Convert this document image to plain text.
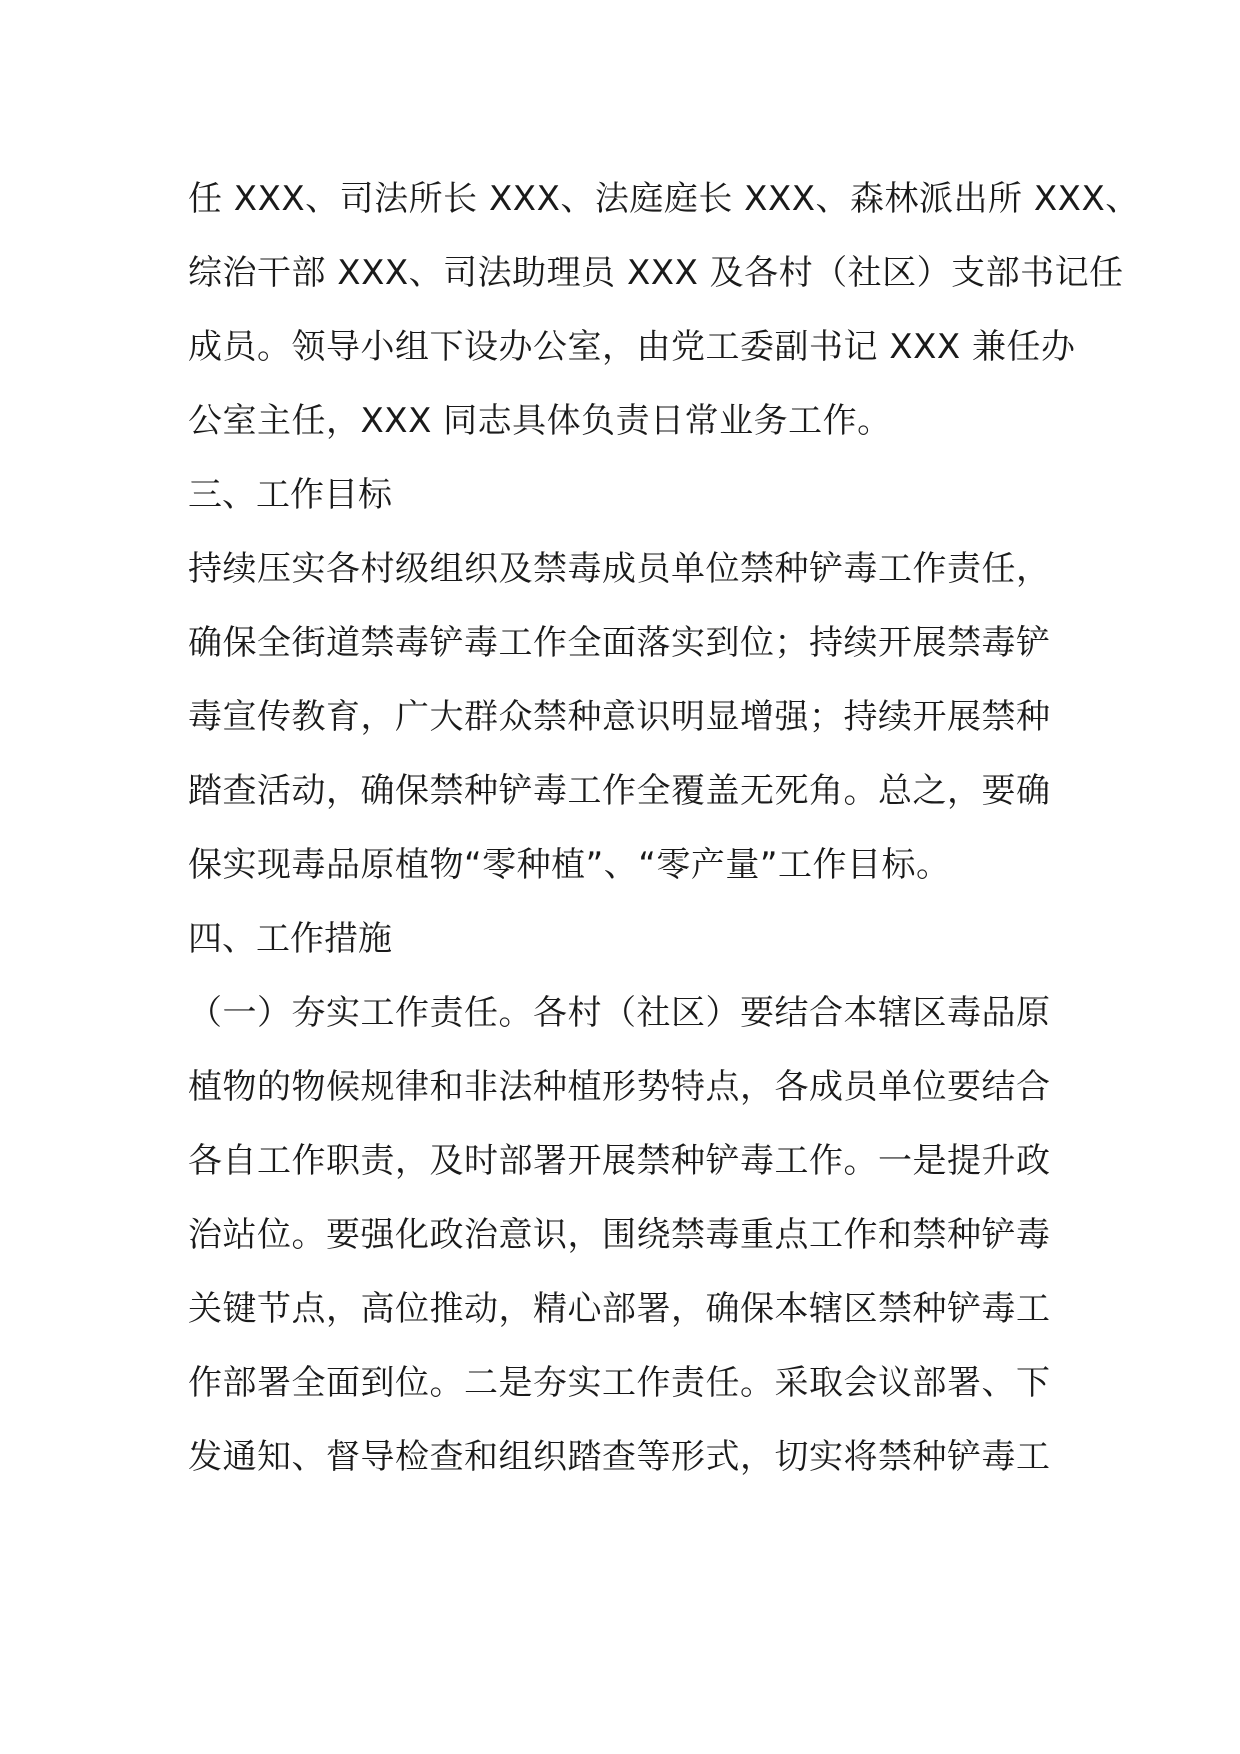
任 XXX、司法所长 XXX、法庭庭长 XXX、森林派出所 XXX、
综治干部 XXX、司法助理员 XXX 及各村（社区）支部书记任
成员。领导小组下设办公室，由党工委副书记 XXX 兼任办
公室主任，XXX 同志具体负责日常业务工作。
三、工作目标
持续压实各村级组织及禁毒成员单位禁种铲毒工作责任，
确保全街道禁毒铲毒工作全面落实到位；持续开展禁毒铲
毒宣传教育，广大群众禁种意识明显增强；持续开展禁种
踏查活动，确保禁种铲毒工作全覆盖无死角。总之，要确
保实现毒品原植物“零种植”、“零产量”工作目标。
四、工作措施
（一）夯实工作责任。各村（社区）要结合本辖区毒品原
植物的物候规律和非法种植形势特点，各成员单位要结合
各自工作职责，及时部署开展禁种铲毒工作。一是提升政
治站位。要强化政治意识，围绕禁毒重点工作和禁种铲毒
关键节点，高位推动，精心部署，确保本辖区禁种铲毒工
作部署全面到位。二是夯实工作责任。采取会议部署、下
发通知、督导检查和组织踏查等形式，切实将禁种铲毒工
